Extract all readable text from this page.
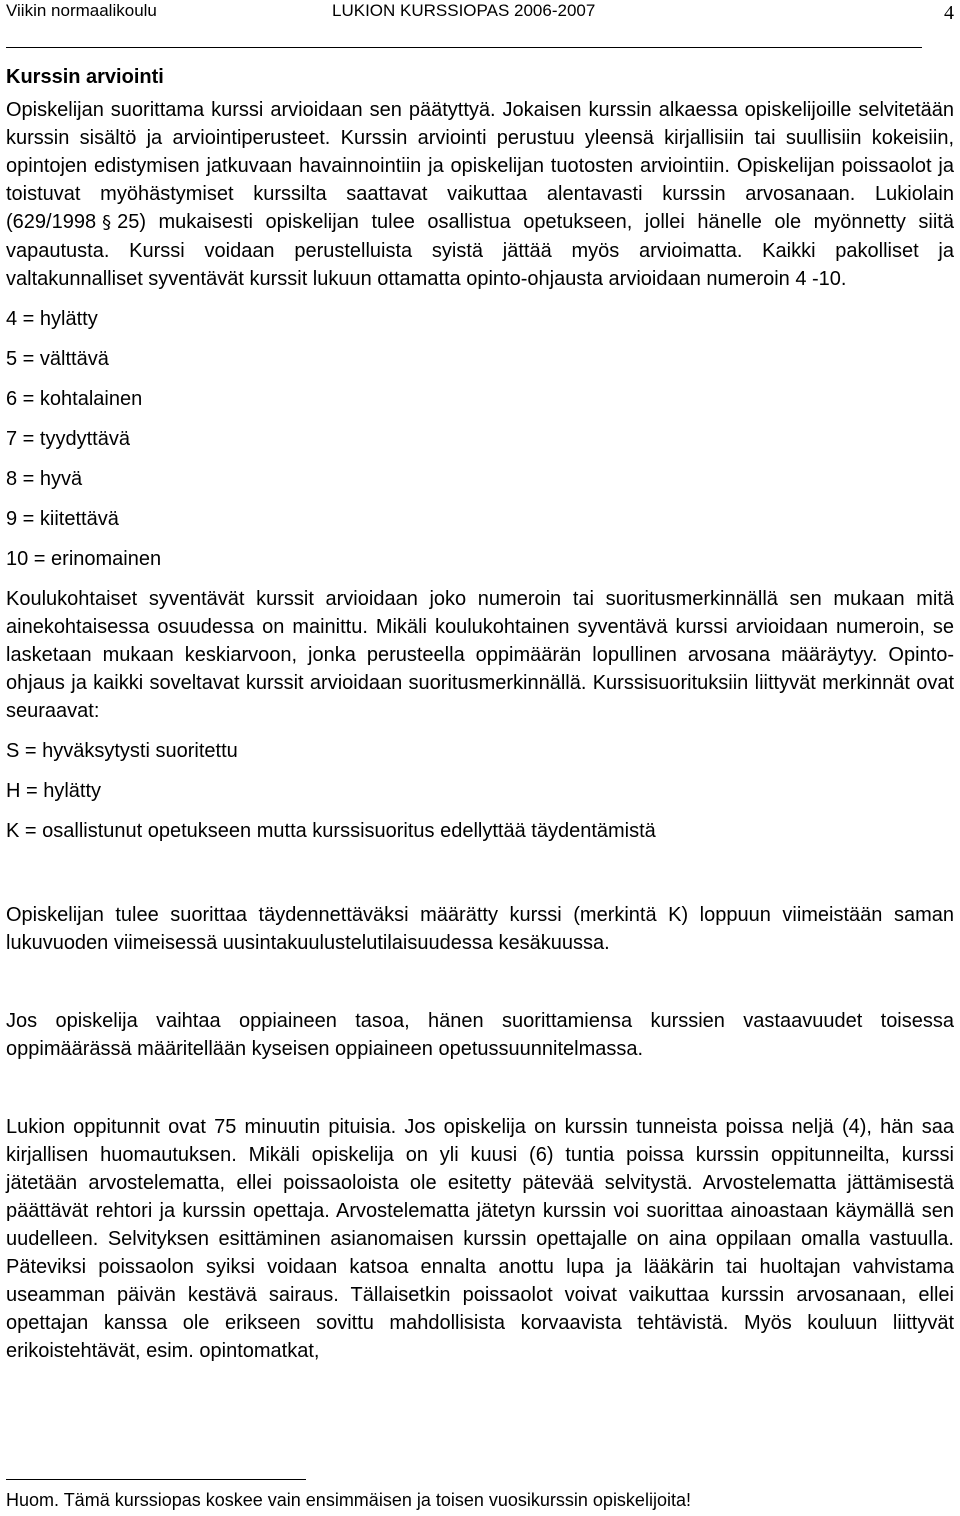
Viikin normaalikoulu	LUKION KURSSIOPAS 2006-2007	4
Kurssin arviointi

Opiskelijan suorittama kurssi arvioidaan sen päätyttyä. Jokaisen kurssin alkaessa opiskelijoille selvitetään kurssin sisältö ja arviointiperusteet. Kurssin arviointi perustuu yleensä kirjallisiin tai suullisiin kokeisiin, opintojen edistymisen jatkuvaan havainnointiin ja opiskelijan tuotosten arviointiin. Opiskelijan poissaolot ja toistuvat myöhästymiset kurssilta saattavat vaikuttaa alentavasti kurssin arvosanaan. Lukiolain (629/1998 § 25) mukaisesti opiskelijan tulee osallistua opetukseen, jollei hänelle ole myönnetty siitä vapautusta. Kurssi voidaan perustelluista syistä jättää myös arvioimatta. Kaikki pakolliset ja valtakunnalliset syventävät kurssit lukuun ottamatta opinto-ohjausta arvioidaan numeroin 4 -10.

4 = hylätty
5 = välttävä
6 = kohtalainen
7 = tyydyttävä
8 = hyvä
9 = kiitettävä
10 = erinomainen

Koulukohtaiset syventävät kurssit arvioidaan joko numeroin tai suoritusmerkinnällä sen mukaan mitä ainekohtaisessa osuudessa on mainittu. Mikäli koulukohtainen syventävä kurssi arvioidaan numeroin, se lasketaan mukaan keskiarvoon, jonka perusteella oppimäärän lopullinen arvosana määräytyy. Opinto-ohjaus ja kaikki soveltavat kurssit arvioidaan suoritusmerkinnällä. Kurssisuorituksiin liittyvät merkinnät ovat seuraavat:

S = hyväksytysti suoritettu
H = hylätty
K = osallistunut opetukseen mutta kurssisuoritus edellyttää täydentämistä

Opiskelijan tulee suorittaa täydennettäväksi määrätty kurssi (merkintä K) loppuun viimeistään saman lukuvuoden viimeisessä uusintakuulustelutilaisuudessa kesäkuussa.

Jos opiskelija vaihtaa oppiaineen tasoa, hänen suorittamiensa kurssien vastaavuudet toisessa oppimäärässä määritellään kyseisen oppiaineen opetussuunnitelmassa.

Lukion oppitunnit ovat 75 minuutin pituisia. Jos opiskelija on kurssin tunneista poissa neljä (4), hän saa kirjallisen huomautuksen. Mikäli opiskelija on yli kuusi (6) tuntia poissa kurssin oppitunneilta, kurssi jätetään arvostelematta, ellei poissaoloista ole esitetty pätevää selvitystä. Arvostelematta jättämisestä päättävät rehtori ja kurssin opettaja. Arvostelematta jätetyn kurssin voi suorittaa ainoastaan käymällä sen uudelleen. Selvityksen esittäminen asianomaisen kurssin opettajalle on aina oppilaan omalla vastuulla. Päteviksi poissaolon syiksi voidaan katsoa ennalta anottu lupa ja lääkärin tai huoltajan vahvistama useamman päivän kestävä sairaus. Tällaisetkin poissaolot voivat vaikuttaa kurssin arvosanaan, ellei opettajan kanssa ole erikseen sovittu mahdollisista korvaavista tehtävistä. Myös kouluun liittyvät erikoistehtävät, esim. opintomatkat,

Huom. Tämä kurssiopas koskee vain ensimmäisen ja toisen vuosikurssin opiskelijoita!
